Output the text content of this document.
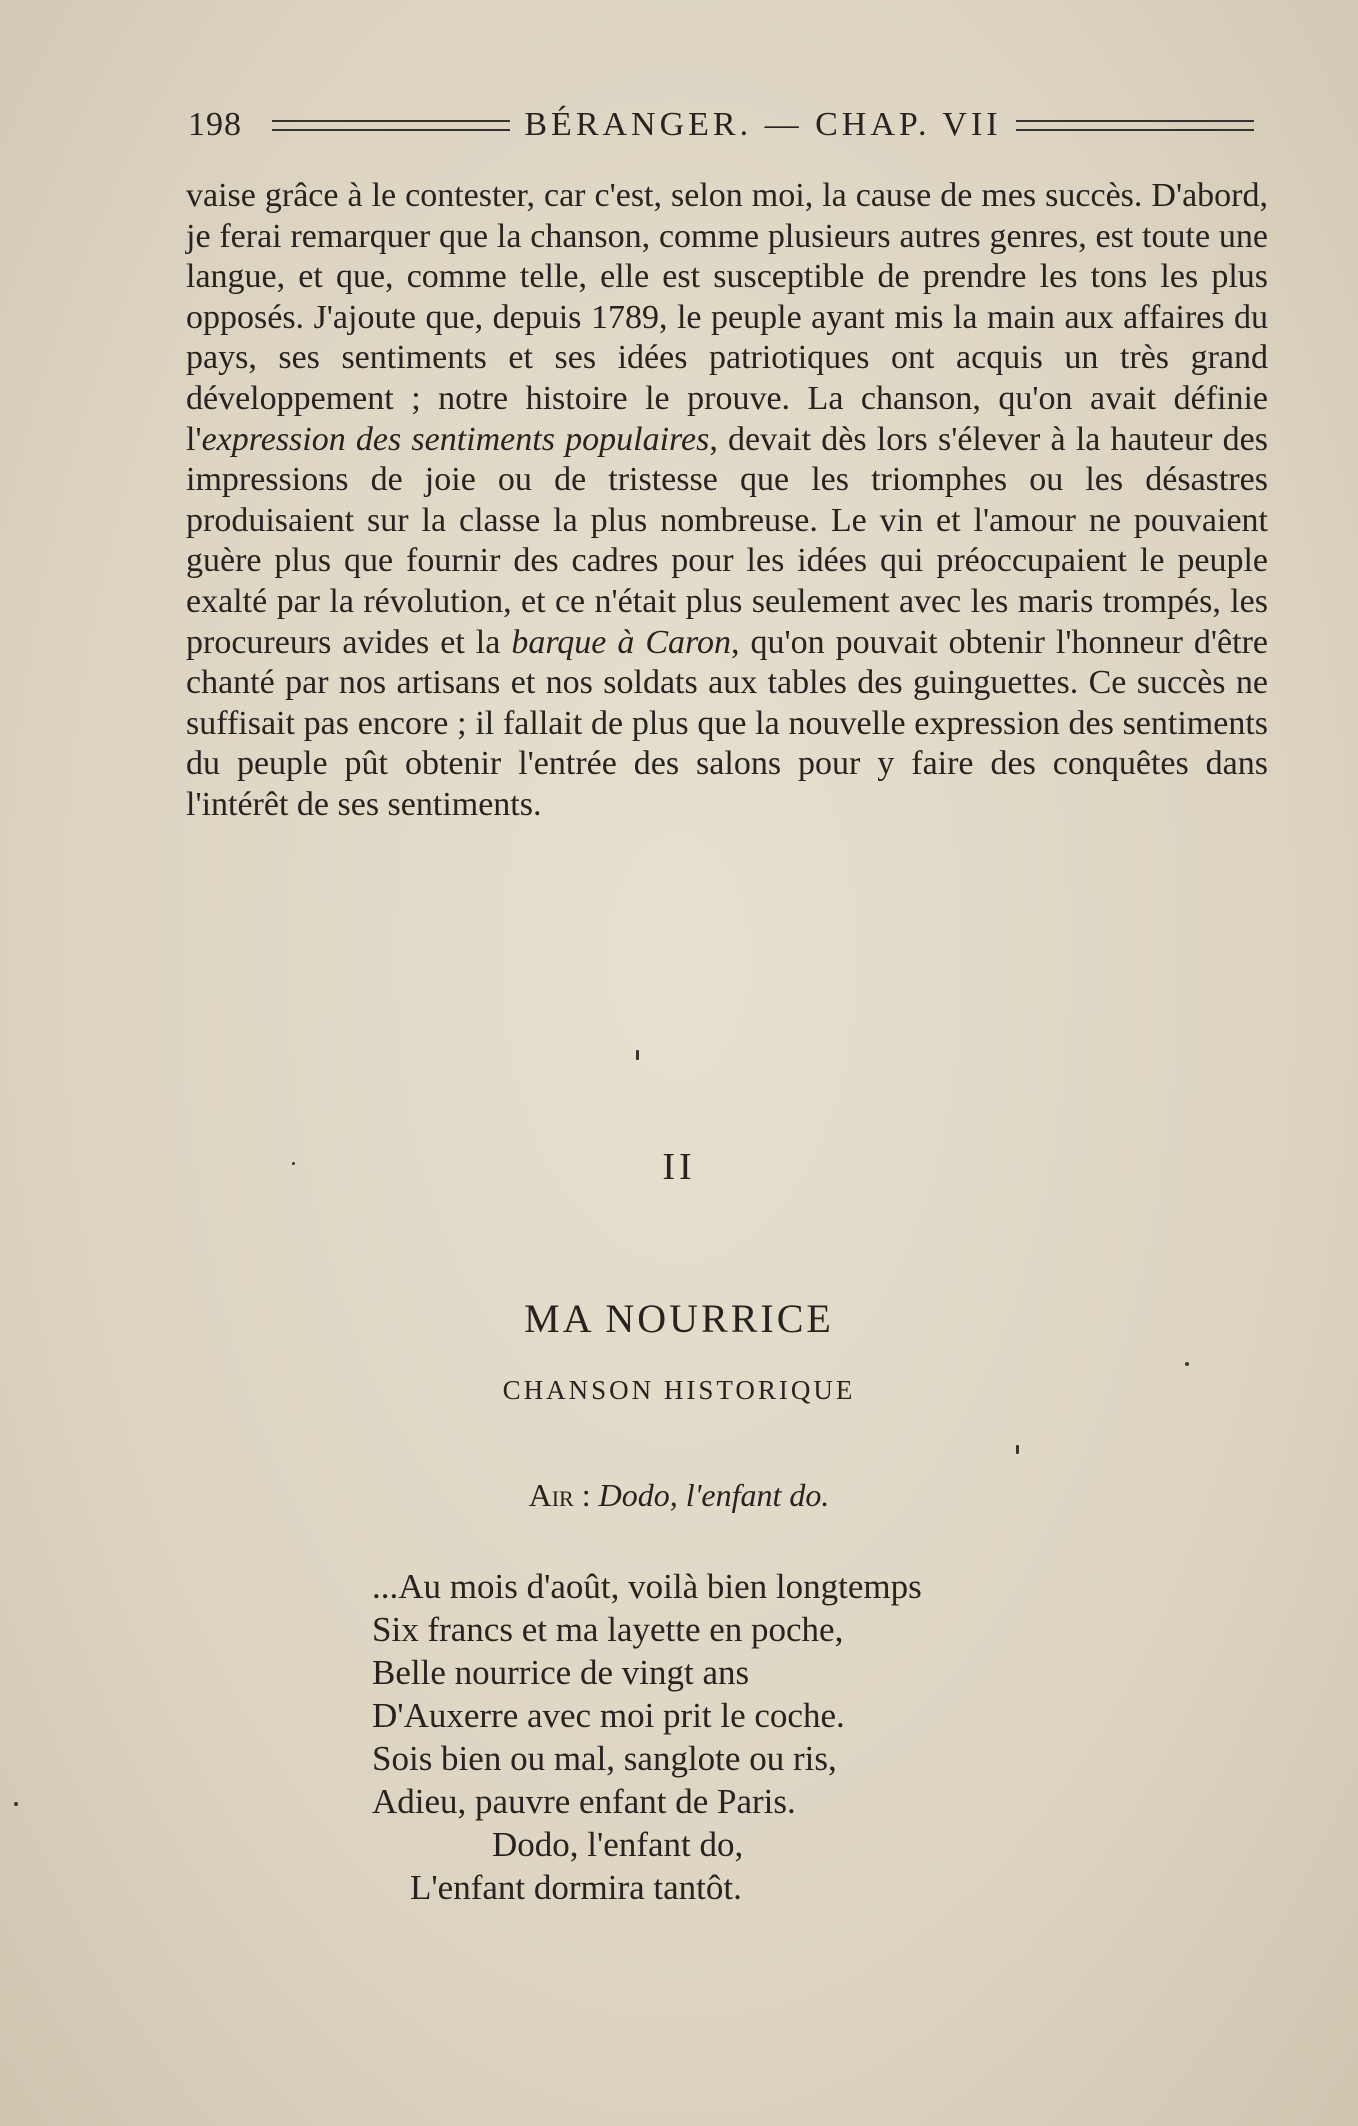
198	BÉRANGER. — CHAP. VII

vaise grâce à le contester, car c'est, selon moi, la cause de mes succès. D'abord, je ferai remarquer que la chanson, comme plusieurs autres genres, est toute une langue, et que, comme telle, elle est susceptible de prendre les tons les plus opposés. J'ajoute que, depuis 1789, le peuple ayant mis la main aux affaires du pays, ses sentiments et ses idées patriotiques ont acquis un très grand développement ; notre histoire le prouve. La chanson, qu'on avait définie l'expression des sentiments populaires, devait dès lors s'élever à la hauteur des impressions de joie ou de tristesse que les triomphes ou les désastres produisaient sur la classe la plus nombreuse. Le vin et l'amour ne pouvaient guère plus que fournir des cadres pour les idées qui préoccupaient le peuple exalté par la révolution, et ce n'était plus seulement avec les maris trompés, les procureurs avides et la barque à Caron, qu'on pouvait obtenir l'honneur d'être chanté par nos artisans et nos soldats aux tables des guinguettes. Ce succès ne suffisait pas encore ; il fallait de plus que la nouvelle expression des sentiments du peuple pût obtenir l'entrée des salons pour y faire des conquêtes dans l'intérêt de ses sentiments.

II
MA NOURRICE
CHANSON HISTORIQUE
Air : Dodo, l'enfant do.
...Au mois d'août, voilà bien longtemps
Six francs et ma layette en poche,
Belle nourrice de vingt ans
D'Auxerre avec moi prit le coche.
Sois bien ou mal, sanglote ou ris,
Adieu, pauvre enfant de Paris.
Dodo, l'enfant do,
L'enfant dormira tantôt.
